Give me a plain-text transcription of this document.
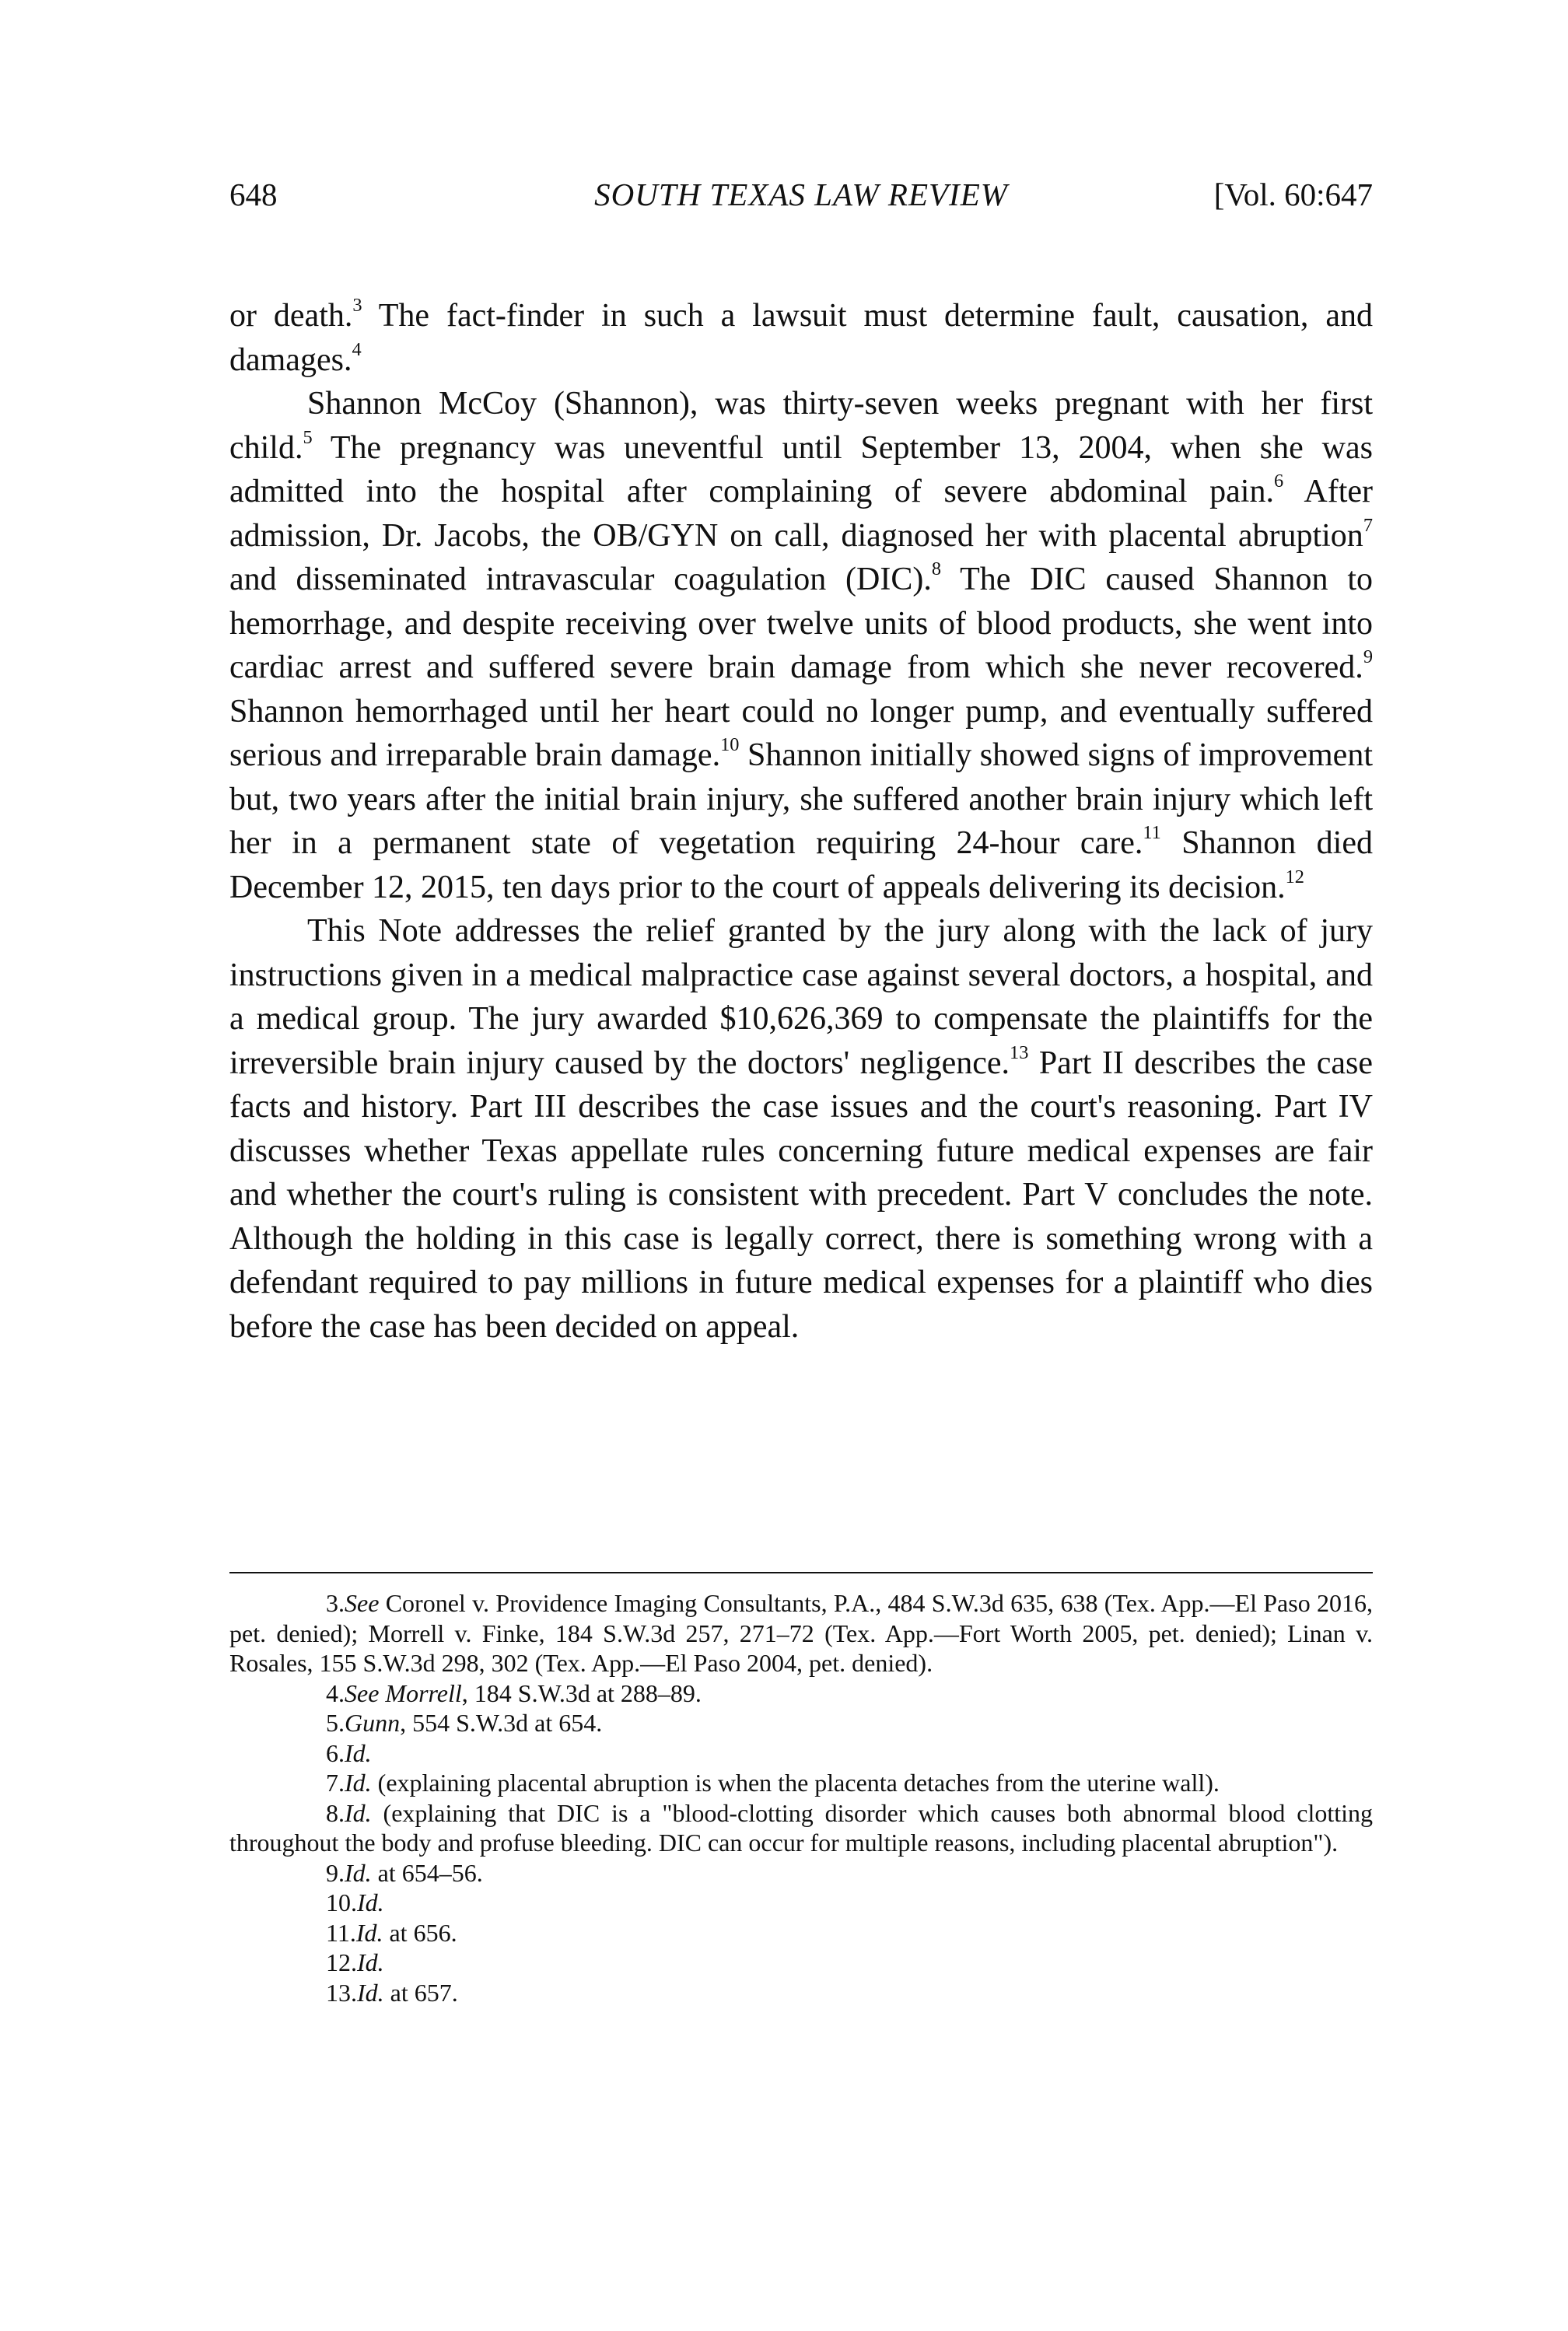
648	SOUTH TEXAS LAW REVIEW	[Vol. 60:647

or death.$^3$ The fact-finder in such a lawsuit must determine fault, causation, and damages.$^4$

Shannon McCoy (Shannon), was thirty-seven weeks pregnant with her first child.$^5$ The pregnancy was uneventful until September 13, 2004, when she was admitted into the hospital after complaining of severe abdominal pain.$^6$ After admission, Dr. Jacobs, the OB/GYN on call, diagnosed her with placental abruption$^7$ and disseminated intravascular coagulation (DIC).$^8$ The DIC caused Shannon to hemorrhage, and despite receiving over twelve units of blood products, she went into cardiac arrest and suffered severe brain damage from which she never recovered.$^9$ Shannon hemorrhaged until her heart could no longer pump, and eventually suffered serious and irreparable brain damage.$^{10}$ Shannon initially showed signs of improvement but, two years after the initial brain injury, she suffered another brain injury which left her in a permanent state of vegetation requiring 24-hour care.$^{11}$ Shannon died December 12, 2015, ten days prior to the court of appeals delivering its decision.$^{12}$

This Note addresses the relief granted by the jury along with the lack of jury instructions given in a medical malpractice case against several doctors, a hospital, and a medical group. The jury awarded $10,626,369 to compensate the plaintiffs for the irreversible brain injury caused by the doctors' negligence.$^{13}$ Part II describes the case facts and history. Part III describes the case issues and the court's reasoning. Part IV discusses whether Texas appellate rules concerning future medical expenses are fair and whether the court's ruling is consistent with precedent. Part V concludes the note. Although the holding in this case is legally correct, there is something wrong with a defendant required to pay millions in future medical expenses for a plaintiff who dies before the case has been decided on appeal.

3.See Coronel v. Providence Imaging Consultants, P.A., 484 S.W.3d 635, 638 (Tex. App.—El Paso 2016, pet. denied); Morrell v. Finke, 184 S.W.3d 257, 271–72 (Tex. App.—Fort Worth 2005, pet. denied); Linan v. Rosales, 155 S.W.3d 298, 302 (Tex. App.—El Paso 2004, pet. denied).

4.See Morrell, 184 S.W.3d at 288–89.

5.Gunn, 554 S.W.3d at 654.

6.Id.

7.Id. (explaining placental abruption is when the placenta detaches from the uterine wall).

8.Id. (explaining that DIC is a "blood-clotting disorder which causes both abnormal blood clotting throughout the body and profuse bleeding. DIC can occur for multiple reasons, including placental abruption").

9.Id. at 654–56.

10.Id.

11.Id. at 656.

12.Id.

13.Id. at 657.
